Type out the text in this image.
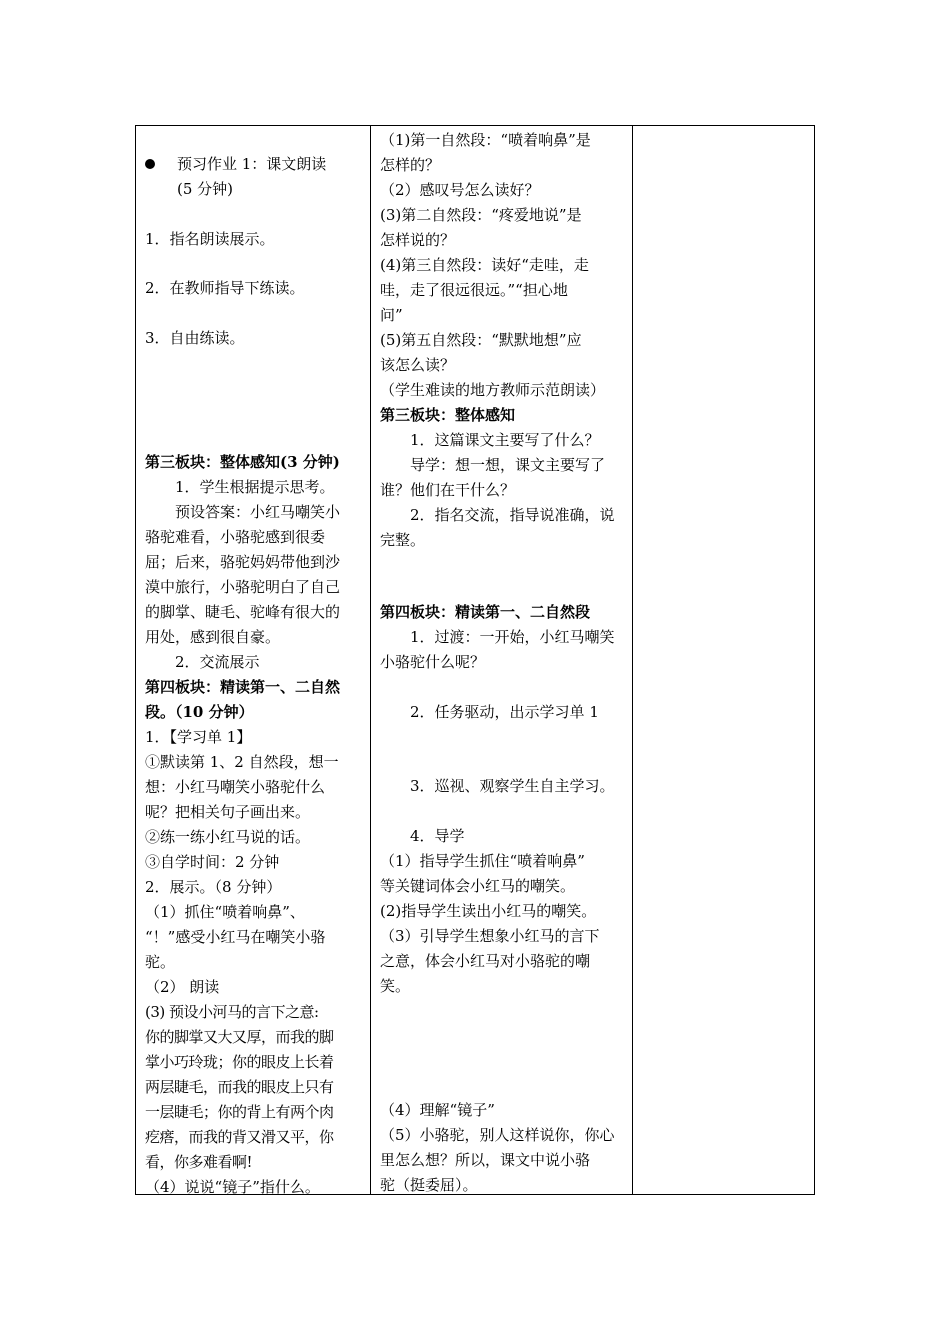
预习作业 1：课文朗读
(5 分钟)
1．指名朗读展示。
2．在教师指导下练读。
3．自由练读。
第三板块：整体感知(3 分钟)
1．学生根据提示思考。
预设答案：小红马嘲笑小
骆驼难看，小骆驼感到很委
屈；后来，骆驼妈妈带他到沙
漠中旅行，小骆驼明白了自己
的脚掌、睫毛、驼峰有很大的
用处，感到很自豪。
2．交流展示
第四板块：精读第一、二自然
段。（10 分钟）
1．【学习单 1】
①默读第 1、2 自然段，想一
想：小红马嘲笑小骆驼什么
呢？把相关句子画出来。
②练一练小红马说的话。
③自学时间：2 分钟
2．展示。（8 分钟）
（1）抓住“喷着响鼻”、
“！”感受小红马在嘲笑小骆
驼。
（2） 朗读
(3) 预设小河马的言下之意:
你的脚掌又大又厚，而我的脚
掌小巧玲珑；你的眼皮上长着
两层睫毛，而我的眼皮上只有
一层睫毛；你的背上有两个肉
疙瘩，而我的背又滑又平，你
看，你多难看啊!
（4）说说“镜子”指什么。
（1)第一自然段：“喷着响鼻”是
怎样的？
（2）感叹号怎么读好？
(3)第二自然段：“疼爱地说”是
怎样说的？
(4)第三自然段：读好“走哇，走
哇，走了很远很远。”“担心地
问”
(5)第五自然段：“默默地想”应
该怎么读？
（学生难读的地方教师示范朗读）
第三板块：整体感知
1．这篇课文主要写了什么？
导学：想一想，课文主要写了
谁？他们在干什么？
2．指名交流，指导说准确，说
完整。
第四板块：精读第一、二自然段
1．过渡：一开始，小红马嘲笑
小骆驼什么呢？
2．任务驱动，出示学习单 1
3．巡视、观察学生自主学习。
4．导学
（1）指导学生抓住“喷着响鼻”
等关键词体会小红马的嘲笑。
(2)指导学生读出小红马的嘲笑。
（3）引导学生想象小红马的言下
之意，体会小红马对小骆驼的嘲
笑。
（4）理解“镜子”
（5）小骆驼，别人这样说你，你心
里怎么想？所以，课文中说小骆
驼（挺委屈）。
